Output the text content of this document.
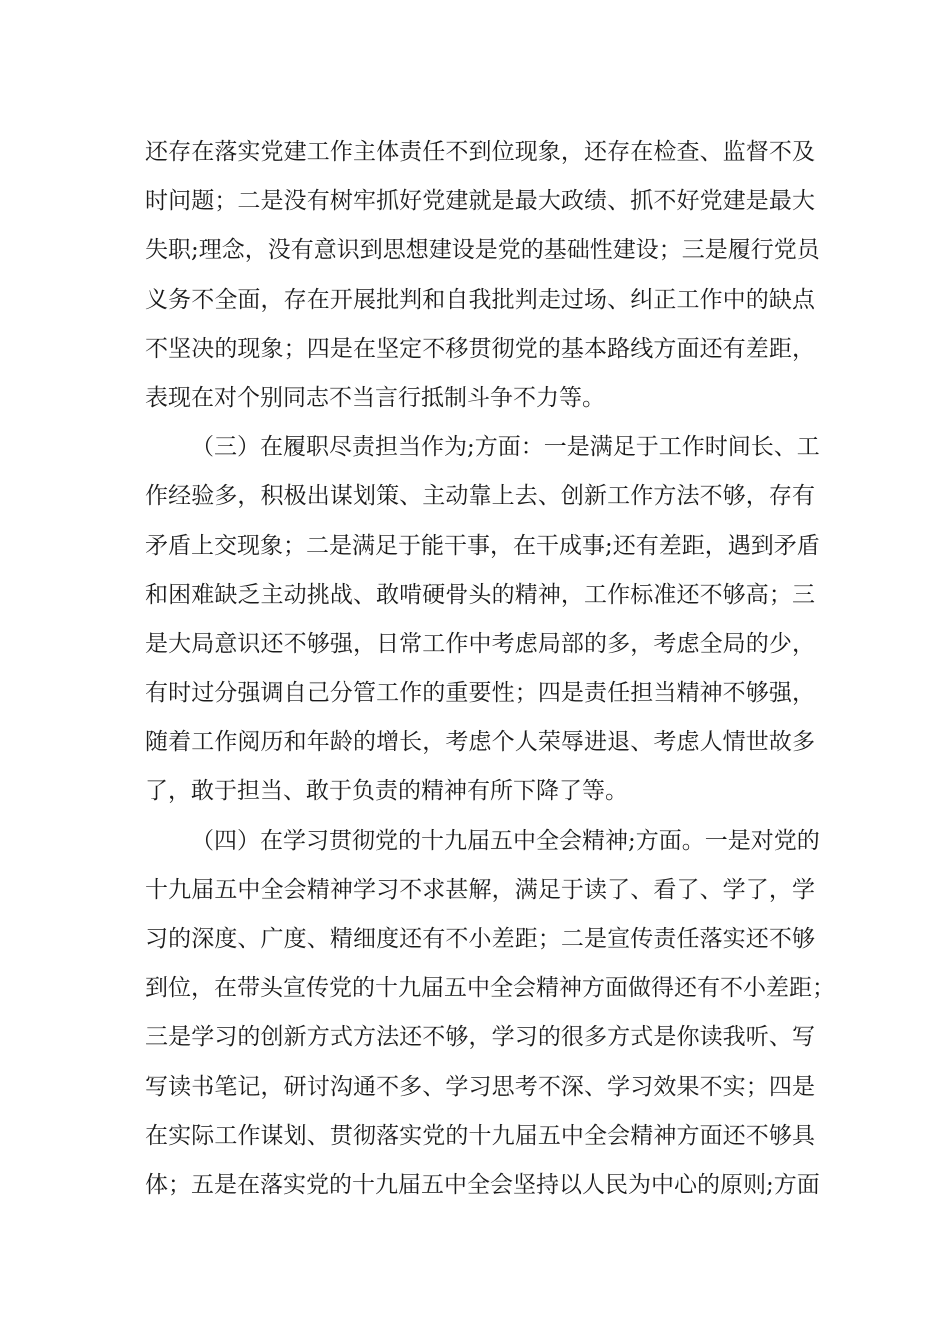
还存在落实党建工作主体责任不到位现象，还存在检查、监督不及
时问题；二是没有树牢抓好党建就是最大政绩、抓不好党建是最大
失职;理念，没有意识到思想建设是党的基础性建设；三是履行党员
义务不全面，存在开展批判和自我批判走过场、纠正工作中的缺点
不坚决的现象；四是在坚定不移贯彻党的基本路线方面还有差距，
表现在对个别同志不当言行抵制斗争不力等。
（三）在履职尽责担当作为;方面：一是满足于工作时间长、工
作经验多，积极出谋划策、主动靠上去、创新工作方法不够，存有
矛盾上交现象；二是满足于能干事，在干成事;还有差距，遇到矛盾
和困难缺乏主动挑战、敢啃硬骨头的精神，工作标准还不够高；三
是大局意识还不够强，日常工作中考虑局部的多，考虑全局的少，
有时过分强调自己分管工作的重要性；四是责任担当精神不够强，
随着工作阅历和年龄的增长，考虑个人荣辱进退、考虑人情世故多
了，敢于担当、敢于负责的精神有所下降了等。
（四）在学习贯彻党的十九届五中全会精神;方面。一是对党的
十九届五中全会精神学习不求甚解，满足于读了、看了、学了，学
习的深度、广度、精细度还有不小差距；二是宣传责任落实还不够
到位，在带头宣传党的十九届五中全会精神方面做得还有不小差距；
三是学习的创新方式方法还不够，学习的很多方式是你读我听、写
写读书笔记，研讨沟通不多、学习思考不深、学习效果不实；四是
在实际工作谋划、贯彻落实党的十九届五中全会精神方面还不够具
体；五是在落实党的十九届五中全会坚持以人民为中心的原则;方面
